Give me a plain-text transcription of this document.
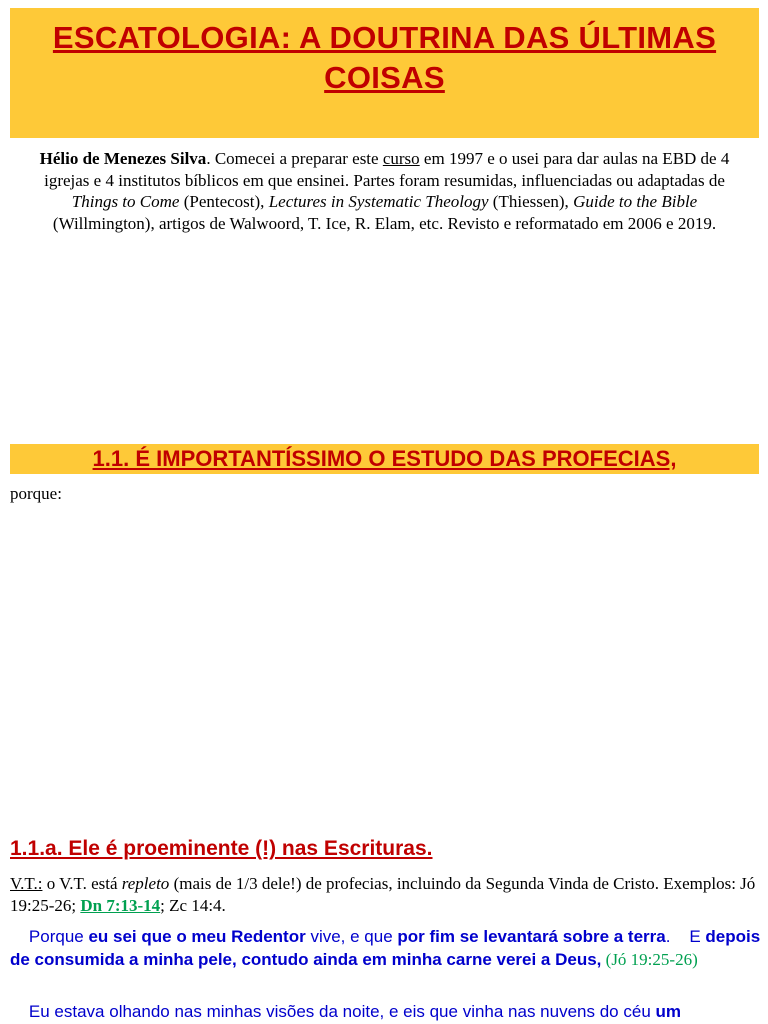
ESCATOLOGIA: A DOUTRINA DAS ÚLTIMAS
COISAS
Hélio de Menezes Silva. Comecei a preparar este curso em 1997 e o usei para dar aulas na EBD de 4 igrejas e 4 institutos bíblicos em que ensinei. Partes foram resumidas, influenciadas ou adaptadas de Things to Come (Pentecost), Lectures in Systematic Theology (Thiessen), Guide to the Bible (Willmington), artigos de Walwoord, T. Ice, R. Elam, etc. Revisto e reformatado em 2006 e 2019.
1.1. É IMPORTANTÍSSIMO O ESTUDO DAS PROFECIAS,
porque:
1.1.a. Ele é proeminente (!) nas Escrituras.
V.T.: o V.T. está repleto (mais de 1/3 dele!) de profecias, incluindo da Segunda Vinda de Cristo. Exemplos: Jó 19:25-26; Dn 7:13-14; Zc 14:4.
Porque eu sei que o meu Redentor vive, e que por fim se levantará sobre a terra.    E depois de consumida a minha pele, contudo ainda em minha carne verei a Deus, (Jó 19:25-26)
Eu estava olhando nas minhas visões da noite, e eis que vinha nas nuvens do céu um
